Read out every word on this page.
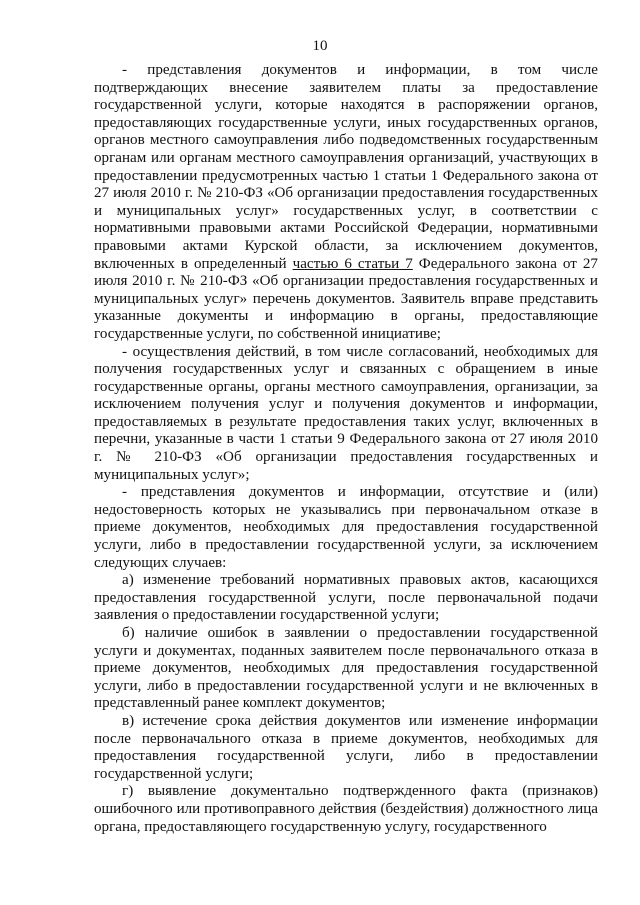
10

- представления документов и информации, в том числе подтверждающих внесение заявителем платы за предоставление государственной услуги, которые находятся в распоряжении органов, предоставляющих государственные услуги, иных государственных органов, органов местного самоуправления либо подведомственных государственным органам или органам местного самоуправления организаций, участвующих в предоставлении предусмотренных частью 1 статьи 1 Федерального закона от 27 июля 2010 г. № 210-ФЗ «Об организации предоставления государственных и муниципальных услуг» государственных услуг, в соответствии с нормативными правовыми актами Российской Федерации, нормативными правовыми актами Курской области, за исключением документов, включенных в определенный частью 6 статьи 7 Федерального закона от 27 июля 2010 г. № 210-ФЗ «Об организации предоставления государственных и муниципальных услуг» перечень документов. Заявитель вправе представить указанные документы и информацию в органы, предоставляющие государственные услуги, по собственной инициативе;

- осуществления действий, в том числе согласований, необходимых для получения государственных услуг и связанных с обращением в иные государственные органы, органы местного самоуправления, организации, за исключением получения услуг и получения документов и информации, предоставляемых в результате предоставления таких услуг, включенных в перечни, указанные в части 1 статьи 9 Федерального закона от 27 июля 2010 г. № 210-ФЗ «Об организации предоставления государственных и муниципальных услуг»;

- представления документов и информации, отсутствие и (или) недостоверность которых не указывались при первоначальном отказе в приеме документов, необходимых для предоставления государственной услуги, либо в предоставлении государственной услуги, за исключением следующих случаев:

а) изменение требований нормативных правовых актов, касающихся предоставления государственной услуги, после первоначальной подачи заявления о предоставлении государственной услуги;

б) наличие ошибок в заявлении о предоставлении государственной услуги и документах, поданных заявителем после первоначального отказа в приеме документов, необходимых для предоставления государственной услуги, либо в предоставлении государственной услуги и не включенных в представленный ранее комплект документов;

в) истечение срока действия документов или изменение информации после первоначального отказа в приеме документов, необходимых для предоставления государственной услуги, либо в предоставлении государственной услуги;

г) выявление документально подтвержденного факта (признаков) ошибочного или противоправного действия (бездействия) должностного лица органа, предоставляющего государственную услугу, государственного
